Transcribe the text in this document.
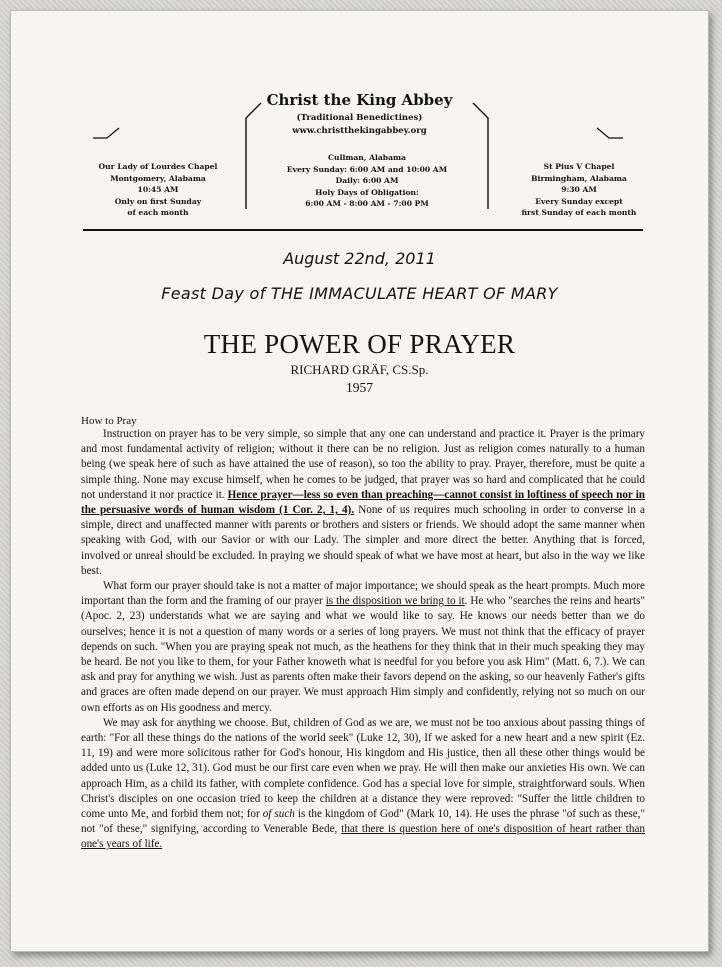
Christ the King Abbey
(Traditional Benedictines)
www.christthekingabbey.org
Cullman, Alabama
Every Sunday: 6:00 AM and 10:00 AM
Daily: 6:00 AM
Holy Days of Obligation:
6:00 AM - 8:00 AM - 7:00 PM
Our Lady of Lourdes Chapel
Montgomery, Alabama
10:45 AM
Only on first Sunday
of each month
St Pius V Chapel
Birmingham, Alabama
9:30 AM
Every Sunday except
first Sunday of each month
August 22nd, 2011
Feast Day of THE IMMACULATE HEART OF MARY
THE POWER OF PRAYER
RICHARD GRÄF, CS.Sp.
1957
How to Pray

Instruction on prayer has to be very simple, so simple that any one can understand and practice it. Prayer is the primary and most fundamental activity of religion; without it there can be no religion. Just as religion comes naturally to a human being (we speak here of such as have attained the use of reason), so too the ability to pray. Prayer, therefore, must be quite a simple thing. None may excuse himself, when he comes to be judged, that prayer was so hard and complicated that he could not understand it nor practice it. Hence prayer—less so even than preaching—cannot consist in loftiness of speech nor in the persuasive words of human wisdom (1 Cor. 2, 1, 4). None of us requires much schooling in order to converse in a simple, direct and unaffected manner with parents or brothers and sisters or friends. We should adopt the same manner when speaking with God, with our Savior or with our Lady. The simpler and more direct the better. Anything that is forced, involved or unreal should be excluded. In praying we should speak of what we have most at heart, but also in the way we like best.

What form our prayer should take is not a matter of major importance; we should speak as the heart prompts. Much more important than the form and the framing of our prayer is the disposition we bring to it. He who "searches the reins and hearts" (Apoc. 2, 23) understands what we are saying and what we would like to say. He knows our needs better than we do ourselves; hence it is not a question of many words or a series of long prayers. We must not think that the efficacy of prayer depends on such. "When you are praying speak not much, as the heathens for they think that in their much speaking they may be heard. Be not you like to them, for your Father knoweth what is needful for you before you ask Him" (Matt. 6, 7.). We can ask and pray for anything we wish. Just as parents often make their favors depend on the asking, so our heavenly Father's gifts and graces are often made depend on our prayer. We must approach Him simply and confidently, relying not so much on our own efforts as on His goodness and mercy.

We may ask for anything we choose. But, children of God as we are, we must not be too anxious about passing things of earth: "For all these things do the nations of the world seek" (Luke 12, 30), If we asked for a new heart and a new spirit (Ez. 11, 19) and were more solicitous rather for God's honour, His kingdom and His justice, then all these other things would be added unto us (Luke 12, 31). God must be our first care even when we pray. He will then make our anxieties His own. We can approach Him, as a child its father, with complete confidence. God has a special love for simple, straightforward souls. When Christ's disciples on one occasion tried to keep the children at a distance they were reproved: "Suffer the little children to come unto Me, and forbid them not; for of such is the kingdom of God" (Mark 10, 14). He uses the phrase "of such as these," not "of these," signifying, according to Venerable Bede, that there is question here of one's disposition of heart rather than one's years of life.
